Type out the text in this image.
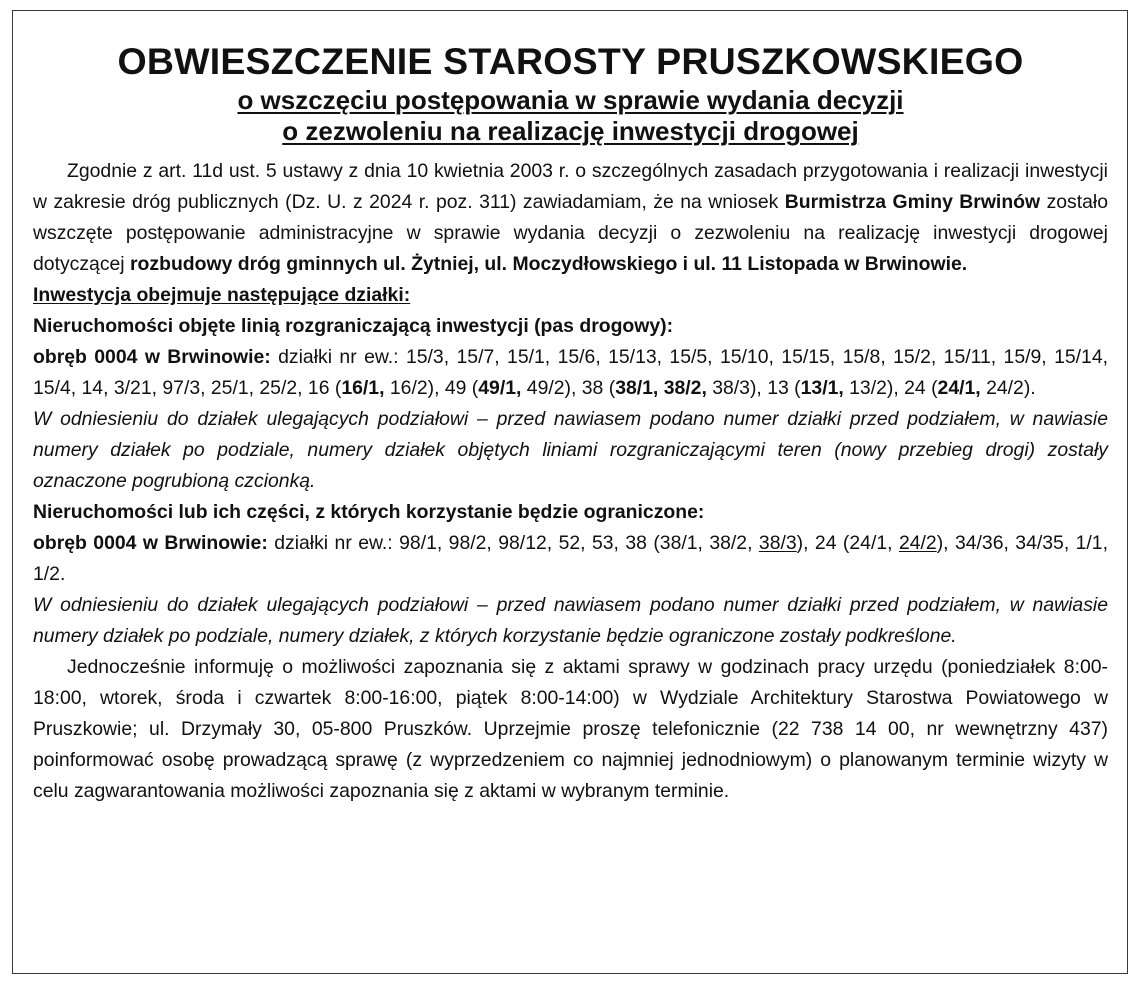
OBWIESZCZENIE STAROSTY PRUSZKOWSKIEGO

o wszczęciu postępowania w sprawie wydania decyzji

o zezwoleniu na realizację inwestycji drogowej

Zgodnie z art. 11d ust. 5 ustawy z dnia 10 kwietnia 2003 r. o szczególnych zasadach przygotowania i realizacji inwestycji w zakresie dróg publicznych (Dz. U. z 2024 r. poz. 311) zawiadamiam, że na wniosek Burmistrza Gminy Brwinów zostało wszczęte postępowanie administracyjne w sprawie wydania decyzji o zezwoleniu na realizację inwestycji drogowej dotyczącej rozbudowy dróg gminnych ul. Żytniej, ul. Moczydłowskiego i ul. 11 Listopada w Brwinowie.

Inwestycja obejmuje następujące działki:

Nieruchomości objęte linią rozgraniczającą inwestycji (pas drogowy):

obręb 0004 w Brwinowie: działki nr ew.: 15/3, 15/7, 15/1, 15/6, 15/13, 15/5, 15/10, 15/15, 15/8, 15/2, 15/11, 15/9, 15/14, 15/4, 14, 3/21, 97/3, 25/1, 25/2, 16 (16/1, 16/2), 49 (49/1, 49/2), 38 (38/1, 38/2, 38/3), 13 (13/1, 13/2), 24 (24/1, 24/2).

W odniesieniu do działek ulegających podziałowi – przed nawiasem podano numer działki przed podziałem, w nawiasie numery działek po podziale, numery działek objętych liniami rozgraniczającymi teren (nowy przebieg drogi) zostały oznaczone pogrubioną czcionką.

Nieruchomości lub ich części, z których korzystanie będzie ograniczone:

obręb 0004 w Brwinowie: działki nr ew.: 98/1, 98/2, 98/12, 52, 53, 38 (38/1, 38/2, 38/3), 24 (24/1, 24/2), 34/36, 34/35, 1/1, 1/2.

W odniesieniu do działek ulegających podziałowi – przed nawiasem podano numer działki przed podziałem, w nawiasie numery działek po podziale, numery działek, z których korzystanie będzie ograniczone zostały podkreślone.

Jednocześnie informuję o możliwości zapoznania się z aktami sprawy w godzinach pracy urzędu (poniedziałek 8:00-18:00, wtorek, środa i czwartek 8:00-16:00, piątek 8:00-14:00) w Wydziale Architektury Starostwa Powiatowego w Pruszkowie; ul. Drzymały 30, 05-800 Pruszków. Uprzejmie proszę telefonicznie (22 738 14 00, nr wewnętrzny 437) poinformować osobę prowadzącą sprawę (z wyprzedzeniem co najmniej jednodniowym) o planowanym terminie wizyty w celu zagwarantowania możliwości zapoznania się z aktami w wybranym terminie.
